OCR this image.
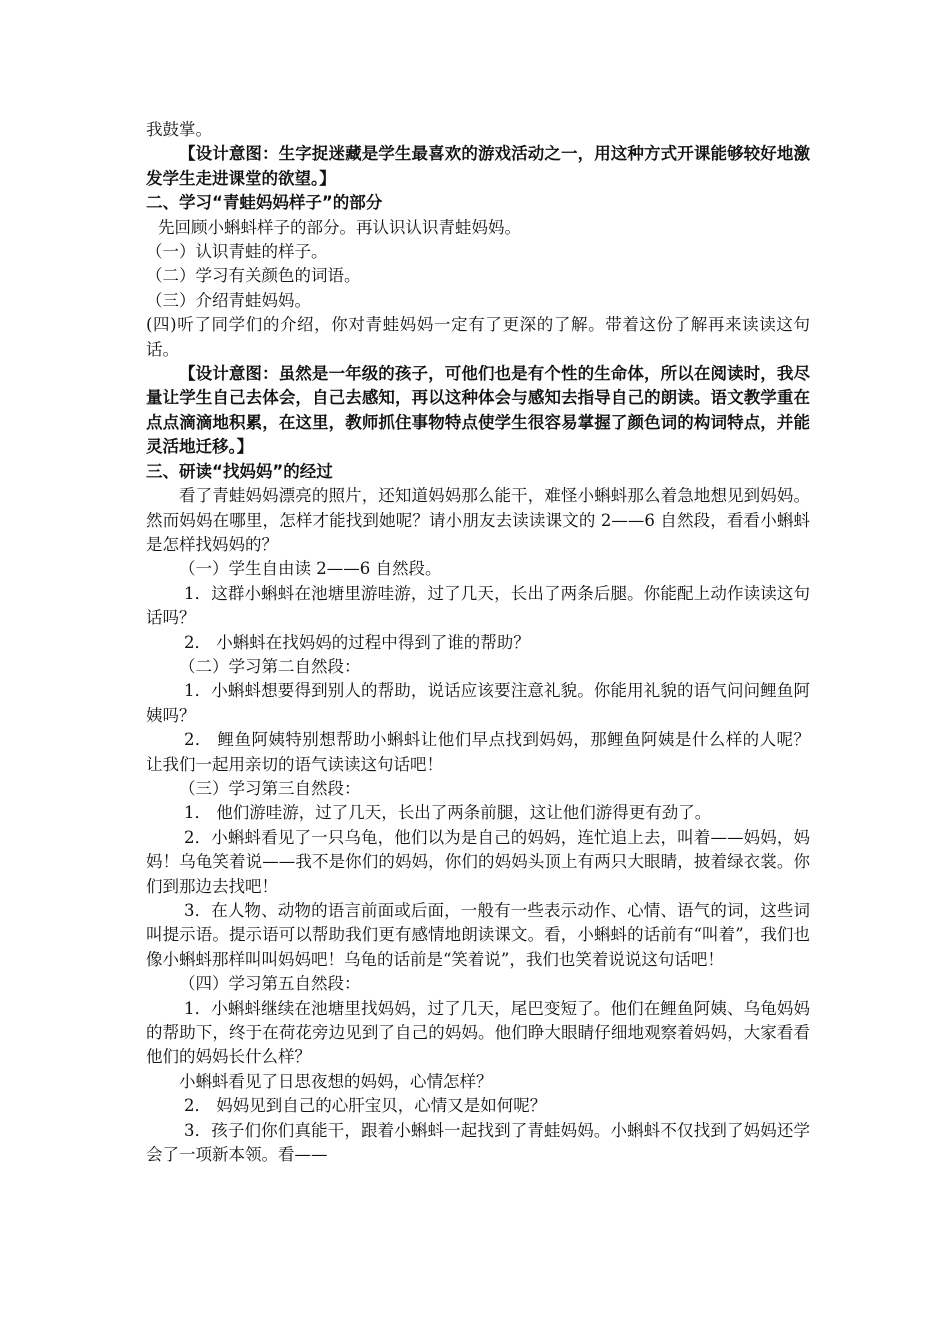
我鼓掌。

【设计意图：生字捉迷藏是学生最喜欢的游戏活动之一，用这种方式开课能够较好地激发学生走进课堂的欲望。】

二、学习“青蛙妈妈样子”的部分

先回顾小蝌蚪样子的部分。再认识认识青蛙妈妈。

（一）认识青蛙的样子。

（二）学习有关颜色的词语。

（三）介绍青蛙妈妈。

(四)听了同学们的介绍，你对青蛙妈妈一定有了更深的了解。带着这份了解再来读读这句话。

【设计意图：虽然是一年级的孩子，可他们也是有个性的生命体，所以在阅读时，我尽量让学生自己去体会，自己去感知，再以这种体会与感知去指导自己的朗读。语文教学重在点点滴滴地积累，在这里，教师抓住事物特点使学生很容易掌握了颜色词的构词特点，并能灵活地迁移。】

三、研读“找妈妈”的经过

看了青蛙妈妈漂亮的照片，还知道妈妈那么能干，难怪小蝌蚪那么着急地想见到妈妈。然而妈妈在哪里，怎样才能找到她呢？请小朋友去读读课文的 2——6 自然段，看看小蝌蚪是怎样找妈妈的？

（一）学生自由读 2——6 自然段。

1．这群小蝌蚪在池塘里游哇游，过了几天，长出了两条后腿。你能配上动作读读这句话吗？

2． 小蝌蚪在找妈妈的过程中得到了谁的帮助？

（二）学习第二自然段：

1．小蝌蚪想要得到别人的帮助，说话应该要注意礼貌。你能用礼貌的语气问问鲤鱼阿姨吗？

2． 鲤鱼阿姨特别想帮助小蝌蚪让他们早点找到妈妈，那鲤鱼阿姨是什么样的人呢？让我们一起用亲切的语气读读这句话吧！

（三）学习第三自然段：

1． 他们游哇游，过了几天，长出了两条前腿，这让他们游得更有劲了。

2．小蝌蚪看见了一只乌龟，他们以为是自己的妈妈，连忙追上去，叫着——妈妈，妈妈！乌龟笑着说——我不是你们的妈妈，你们的妈妈头顶上有两只大眼睛，披着绿衣裳。你们到那边去找吧！

3．在人物、动物的语言前面或后面，一般有一些表示动作、心情、语气的词，这些词叫提示语。提示语可以帮助我们更有感情地朗读课文。看，小蝌蚪的话前有“叫着”，我们也像小蝌蚪那样叫叫妈妈吧！乌龟的话前是“笑着说”，我们也笑着说说这句话吧！

（四）学习第五自然段：

1．小蝌蚪继续在池塘里找妈妈，过了几天，尾巴变短了。他们在鲤鱼阿姨、乌龟妈妈的帮助下，终于在荷花旁边见到了自己的妈妈。他们睁大眼睛仔细地观察着妈妈，大家看看他们的妈妈长什么样？

小蝌蚪看见了日思夜想的妈妈，心情怎样？

2． 妈妈见到自己的心肝宝贝，心情又是如何呢？

3．孩子们你们真能干，跟着小蝌蚪一起找到了青蛙妈妈。小蝌蚪不仅找到了妈妈还学会了一项新本领。看——
